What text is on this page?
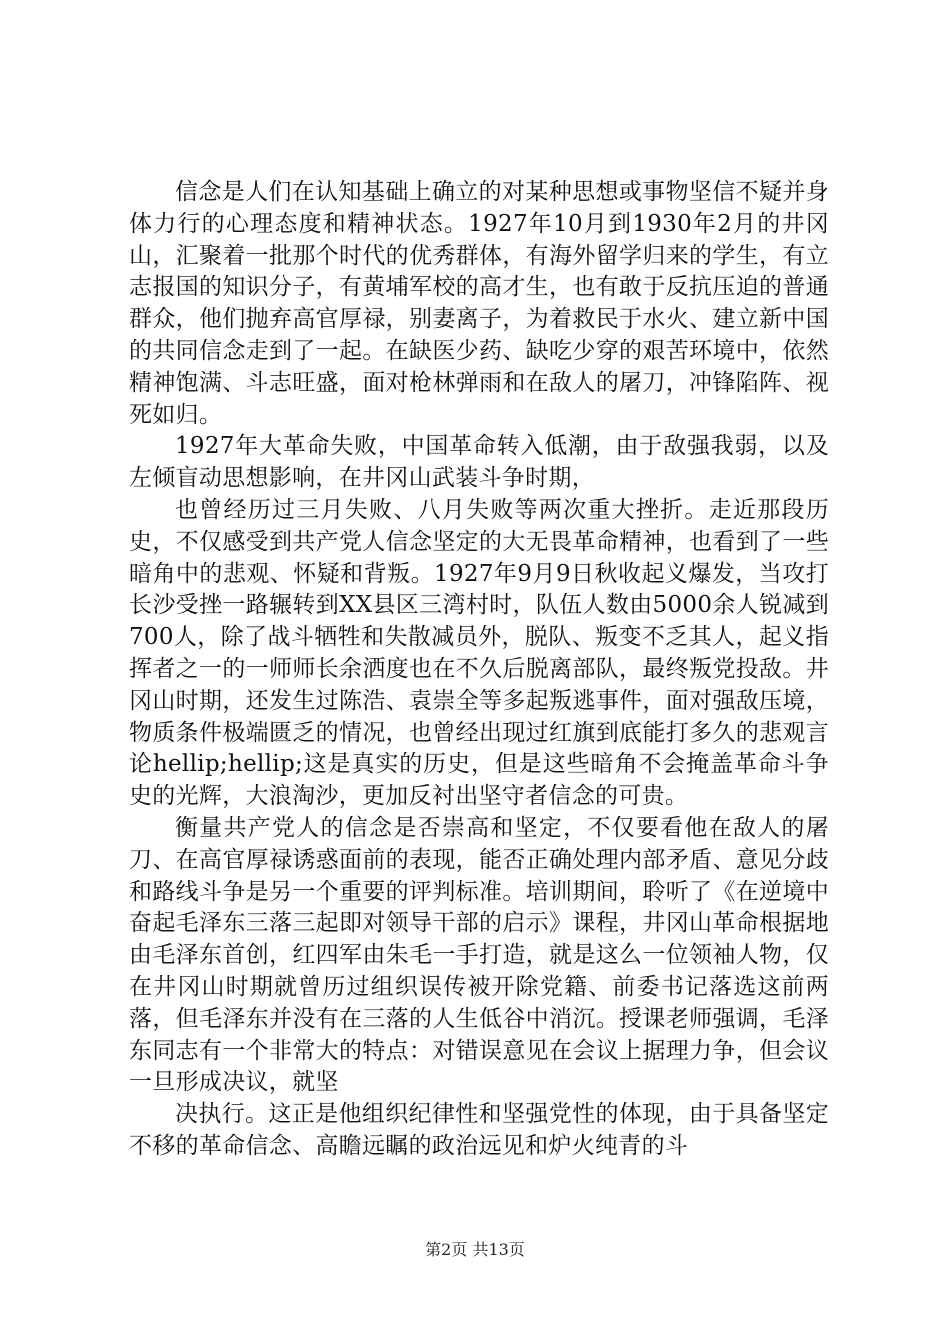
信念是人们在认知基础上确立的对某种思想或事物坚信不疑并身体力行的心理态度和精神状态。1927年10月到1930年2月的井冈山，汇聚着一批那个时代的优秀群体，有海外留学归来的学生，有立志报国的知识分子，有黄埔军校的高才生，也有敢于反抗压迫的普通群众，他们抛弃高官厚禄，别妻离子，为着救民于水火、建立新中国的共同信念走到了一起。在缺医少药、缺吃少穿的艰苦环境中，依然精神饱满、斗志旺盛，面对枪林弹雨和在敌人的屠刀，冲锋陷阵、视死如归。

1927年大革命失败，中国革命转入低潮，由于敌强我弱，以及左倾盲动思想影响，在井冈山武装斗争时期，

也曾经历过三月失败、八月失败等两次重大挫折。走近那段历史，不仅感受到共产党人信念坚定的大无畏革命精神，也看到了一些暗角中的悲观、怀疑和背叛。1927年9月9日秋收起义爆发，当攻打长沙受挫一路辗转到XX县区三湾村时，队伍人数由5000余人锐减到700人，除了战斗牺牲和失散减员外，脱队、叛变不乏其人，起义指挥者之一的一师师长余洒度也在不久后脱离部队，最终叛党投敌。井冈山时期，还发生过陈浩、袁崇全等多起叛逃事件，面对强敌压境，物质条件极端匮乏的情况，也曾经出现过红旗到底能打多久的悲观言论hellip;hellip;这是真实的历史，但是这些暗角不会掩盖革命斗争史的光辉，大浪淘沙，更加反衬出坚守者信念的可贵。

衡量共产党人的信念是否崇高和坚定，不仅要看他在敌人的屠刀、在高官厚禄诱惑面前的表现，能否正确处理内部矛盾、意见分歧和路线斗争是另一个重要的评判标准。培训期间，聆听了《在逆境中奋起毛泽东三落三起即对领导干部的启示》课程，井冈山革命根据地由毛泽东首创，红四军由朱毛一手打造，就是这么一位领袖人物，仅在井冈山时期就曾历过组织误传被开除党籍、前委书记落选这前两落，但毛泽东并没有在三落的人生低谷中消沉。授课老师强调，毛泽东同志有一个非常大的特点：对错误意见在会议上据理力争，但会议一旦形成决议，就坚

决执行。这正是他组织纪律性和坚强党性的体现，由于具备坚定不移的革命信念、高瞻远瞩的政治远见和炉火纯青的斗

第2页 共13页
